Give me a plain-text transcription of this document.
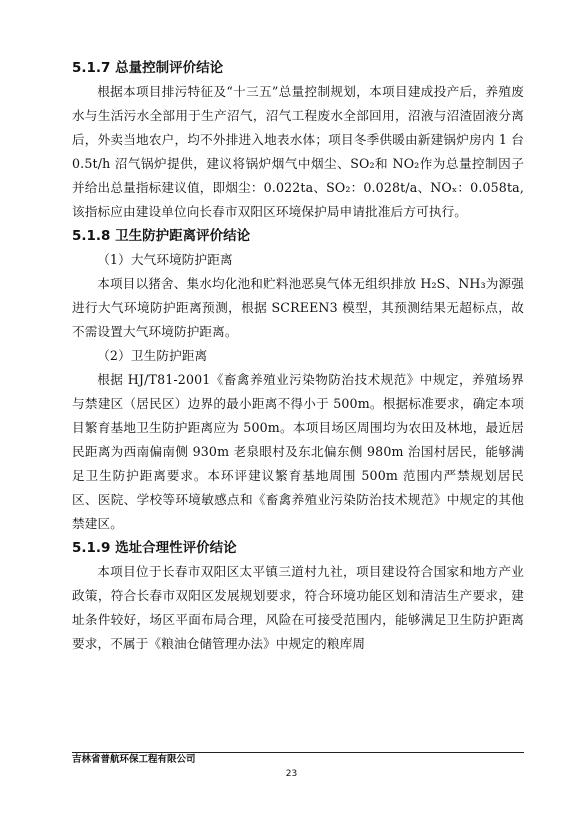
5.1.7 总量控制评价结论

根据本项目排污特征及“十三五”总量控制规划，本项目建成投产后，养殖废水与生活污水全部用于生产沼气，沼气工程废水全部回用，沼液与沼渣固液分离后，外卖当地农户，均不外排进入地表水体；项目冬季供暖由新建锅炉房内 1 台 0.5t/h 沼气锅炉提供，建议将锅炉烟气中烟尘、SO₂和 NO₂作为总量控制因子并给出总量指标建议值，即烟尘：0.022ta、SO₂：0.028t/a、NOₓ：0.058ta,该指标应由建设单位向长春市双阳区环境保护局申请批准后方可执行。

5.1.8 卫生防护距离评价结论

（1）大气环境防护距离

本项目以猪舍、集水均化池和贮料池恶臭气体无组织排放 H₂S、NH₃为源强进行大气环境防护距离预测，根据 SCREEN3 模型，其预测结果无超标点，故不需设置大气环境防护距离。

（2）卫生防护距离

根据 HJ/T81-2001《畜禽养殖业污染物防治技术规范》中规定，养殖场界与禁建区（居民区）边界的最小距离不得小于 500m。根据标准要求，确定本项目繁育基地卫生防护距离应为 500m。本项目场区周围均为农田及林地，最近居民距离为西南偏南侧 930m 老泉眼村及东北偏东侧 980m 治国村居民，能够满足卫生防护距离要求。本环评建议繁育基地周围 500m 范围内严禁规划居民区、医院、学校等环境敏感点和《畜禽养殖业污染防治技术规范》中规定的其他禁建区。

5.1.9 选址合理性评价结论

本项目位于长春市双阳区太平镇三道村九社，项目建设符合国家和地方产业政策，符合长春市双阳区发展规划要求，符合环境功能区划和清洁生产要求，建址条件较好，场区平面布局合理，风险在可接受范围内，能够满足卫生防护距离要求，不属于《粮油仓储管理办法》中规定的粮库周

吉林省普航环保工程有限公司
23
